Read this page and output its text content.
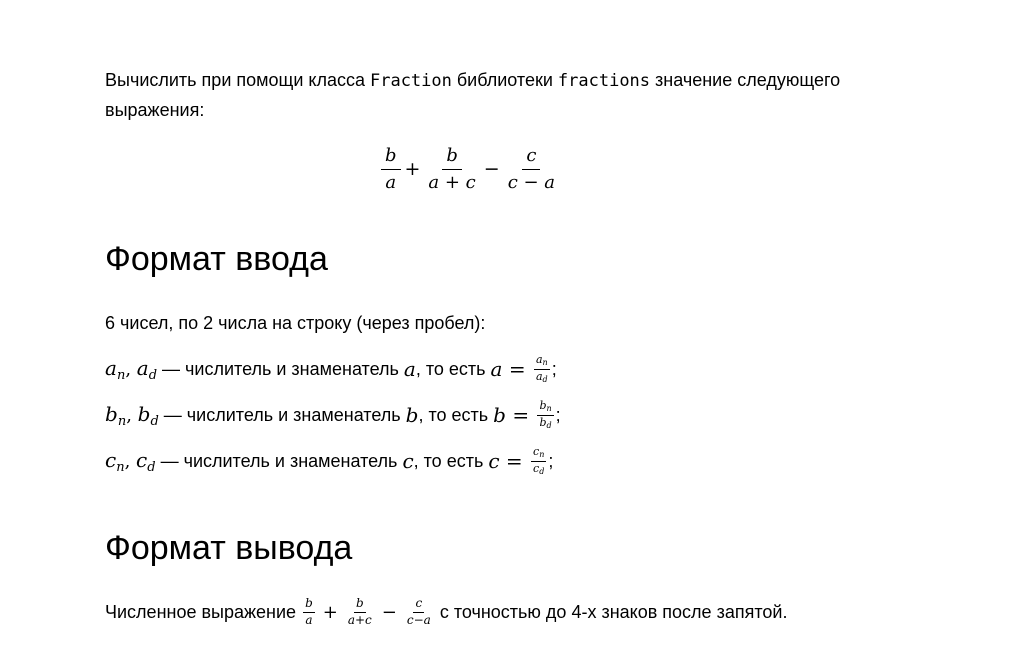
Вычислить при помощи класса Fraction библиотеки fractions значение следующего выражения:

$\frac{b}{a} + \frac{b}{a + c} - \frac{c}{c - a}$
Формат ввода

6 чисел, по 2 числа на строку (через пробел):

$a_n$ , $a_d$ — числитель и знаменатель a , то есть $a = \frac{a_n}{a_d}$ ;
$b_n$ , $b_d$ — числитель и знаменатель b , то есть $b = \frac{b_n}{b_d}$ ;
$c_n$ , $c_d$ — числитель и знаменатель c , то есть $c = \frac{c_n}{c_d}$ ;
Формат вывода
Численное выражение $\frac{b}{a} + \frac{b}{a+c} - \frac{c}{c-a}$ с точностью до 4-х знаков после запятой.
